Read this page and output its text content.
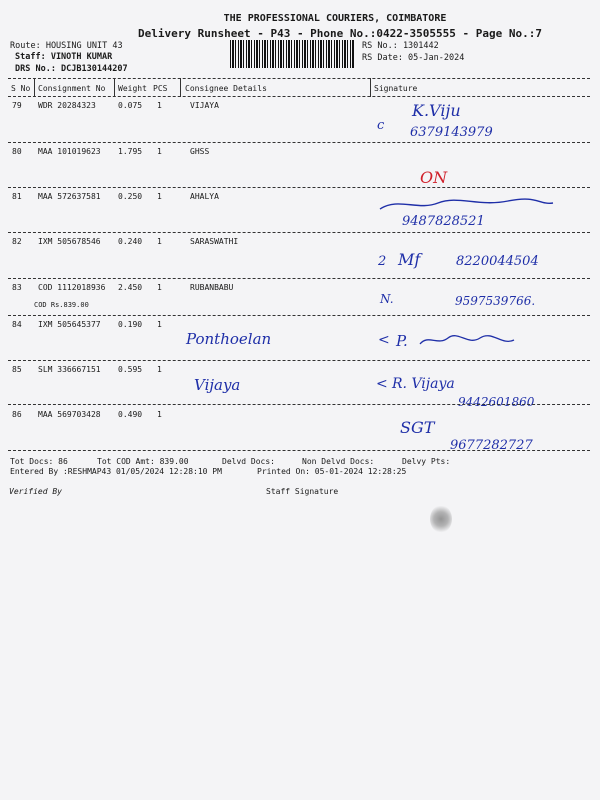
THE PROFESSIONAL COURIERS, COIMBATORE
Delivery Runsheet - P43 - Phone No.:0422-3505555 - Page No.:7
Route: HOUSING UNIT 43
Staff: VINOTH KUMAR
DRS No.: DCJB130144207
RS No.: 1301442
RS Date: 05-Jan-2024
S No Consignment No Weight PCS Consignee Details	Signature
79 WDR 20284323	0.075 1	VIJAYA
c
K.Viju
6379143979
80 MAA 101019623 1.795 1	GHSS
81 MAA 572637581 0.250 1	AHALYA
ON
9487828521
82 IXM 505678546 0.240 1	SARASWATHI
2 Mf	8220044504
83 COD 1112018936 2.450 1	RUBANBABU
COD Rs.839.00	N.	9597539766.
84 IXM 505645377 0.190 1
Ponthoelan	< P.
85 SLM 336667151 0.595 1
Vijaya	< R. Vijaya
9442601860
86 MAA 569703428 0.490 1
SGT
9677282727
Tot Docs: 86	Tot COD Amt: 839.00	Delvd Docs:	Non Delvd Docs:	Delvy Pts:
Entered By :RESHMAP43 01/05/2024 12:28:10 PM	Printed On: 05-01-2024 12:28:25
Verified By	Staff Signature
